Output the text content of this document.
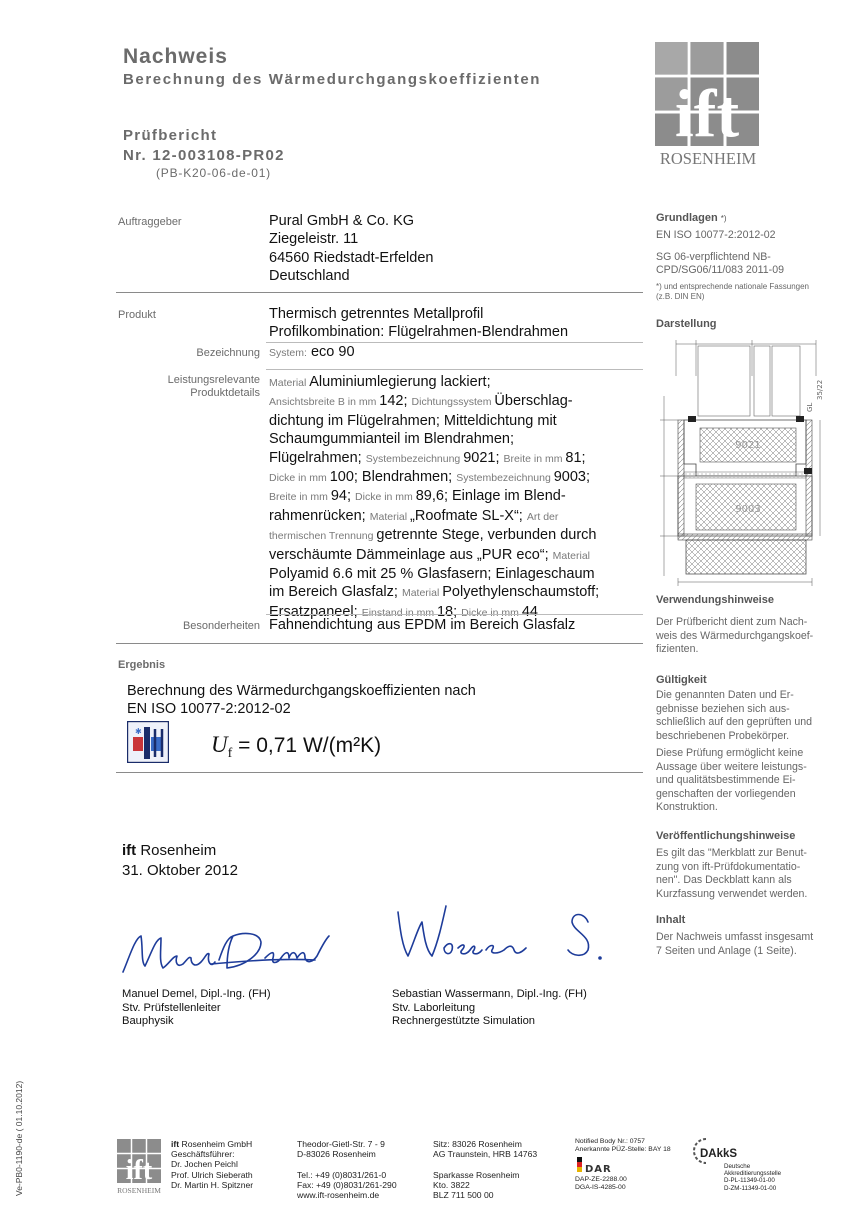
Nachweis
Berechnung des Wärmedurchgangskoeffizienten
Prüfbericht
Nr. 12-003108-PR02
(PB-K20-06-de-01)
ift
ROSENHEIM
Auftraggeber	Pural GmbH & Co. KG
Ziegeleistr. 11
64560 Riedstadt-Erfelden
Deutschland
Produkt	Thermisch getrenntes Metallprofil
Profilkombination: Flügelrahmen-Blendrahmen
Bezeichnung System: eco 90
Leistungsrelevante
Produktdetails
Material Aluminiumlegierung lackiert;
Ansichtsbreite B in mm 142; Dichtungssystem Überschlag-
dichtung im Flügelrahmen; Mitteldichtung mit
Schaumgummianteil im Blendrahmen;
Flügelrahmen; Systembezeichnung 9021; Breite in mm 81;
Dicke in mm 100; Blendrahmen; Systembezeichnung 9003;
Breite in mm 94; Dicke in mm 89,6; Einlage im Blend-
rahmenrücken; Material „Roofmate SL-X“; Art der
thermischen Trennung getrennte Stege, verbunden durch
verschäumte Dämmeinlage aus „PUR eco“; Material
Polyamid 6.6 mit 25 % Glasfasern; Einlageschaum
im Bereich Glasfalz; Material Polyethylenschaumstoff;
Ersatzpaneel; Einstand in mm 18; Dicke in mm 44
Besonderheiten Fahnendichtung aus EPDM im Bereich Glasfalz
Ergebnis
Berechnung des Wärmedurchgangskoeffizienten nach
EN ISO 10077-2:2012-02
✱
$U_f = 0,71$ W/(m²K)
ift Rosenheim
31. Oktober 2012
Manuel Demel, Dipl.-Ing. (FH)
Stv. Prüfstellenleiter
Bauphysik
Sebastian Wassermann, Dipl.-Ing. (FH)
Stv. Laborleitung
Rechnergestützte Simulation
Grundlagen *)
EN ISO 10077-2:2012-02
SG 06-verpflichtend NB-
CPD/SG06/11/083 2011-09
*) und entsprechende nationale Fassungen
(z.B. DIN EN)
Darstellung
9021
9003
35/22
GL
Verwendungshinweise
Der Prüfbericht dient zum Nach-
weis des Wärmedurchgangskoef-
fizienten.
Gültigkeit
Die genannten Daten und Er-
gebnisse beziehen sich aus-
schließlich auf den geprüften und
beschriebenen Probekörper.
Diese Prüfung ermöglicht keine
Aussage über weitere leistungs-
und qualitätsbestimmende Ei-
genschaften der vorliegenden
Konstruktion.
Veröffentlichungshinweise
Es gilt das "Merkblatt zur Benut-
zung von ift-Prüfdokumentatio-
nen". Das Deckblatt kann als
Kurzfassung verwendet werden.
Inhalt
Der Nachweis umfasst insgesamt
7 Seiten und Anlage (1 Seite).
Ve-PB0-1190-de ( 01.10.2012)	ift
ROSENHEIM
ift Rosenheim GmbH
Geschäftsführer:
Dr. Jochen Peichl
Prof. Ulrich Sieberath
Dr. Martin H. Spitzner
Theodor-Gietl-Str. 7 - 9
D-83026 Rosenheim

Tel.: +49 (0)8031/261-0
Fax: +49 (0)8031/261-290
www.ift-rosenheim.de
Sitz: 83026 Rosenheim
AG Traunstein, HRB 14763

Sparkasse Rosenheim
Kto. 3822
BLZ 711 500 00
Notified Body Nr.: 0757
Anerkannte PÜZ-Stelle: BAY 18
DAR
DAP-ZE-2288.00
DGA-IS-4285-00
DAkkS
Deutsche
Akkreditierungsstelle
D-PL-11349-01-00
D-ZM-11349-01-00
